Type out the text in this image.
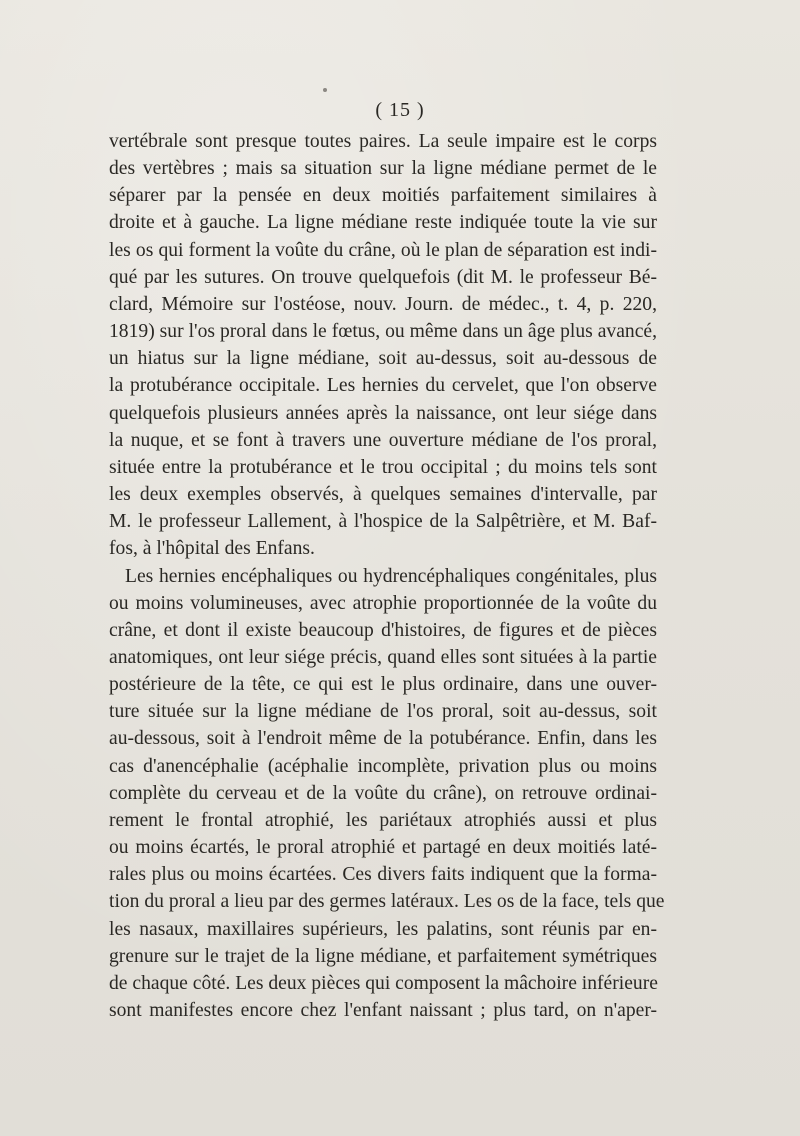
( 15 )
vertébrale sont presque toutes paires. La seule impaire est le corps
des vertèbres ; mais sa situation sur la ligne médiane permet de le
séparer par la pensée en deux moitiés parfaitement similaires à
droite et à gauche. La ligne médiane reste indiquée toute la vie sur
les os qui forment la voûte du crâne, où le plan de séparation est indi-
qué par les sutures. On trouve quelquefois (dit M. le professeur Bé-
clard, Mémoire sur l'ostéose, nouv. Journ. de médec., t. 4, p. 220,
1819) sur l'os proral dans le fœtus, ou même dans un âge plus avancé,
un hiatus sur la ligne médiane, soit au-dessus, soit au-dessous de
la protubérance occipitale. Les hernies du cervelet, que l'on observe
quelquefois plusieurs années après la naissance, ont leur siége dans
la nuque, et se font à travers une ouverture médiane de l'os proral,
située entre la protubérance et le trou occipital ; du moins tels sont
les deux exemples observés, à quelques semaines d'intervalle, par
M. le professeur Lallement, à l'hospice de la Salpêtrière, et M. Baf-
fos, à l'hôpital des Enfans.
Les hernies encéphaliques ou hydrencéphaliques congénitales, plus
ou moins volumineuses, avec atrophie proportionnée de la voûte du
crâne, et dont il existe beaucoup d'histoires, de figures et de pièces
anatomiques, ont leur siége précis, quand elles sont situées à la partie
postérieure de la tête, ce qui est le plus ordinaire, dans une ouver-
ture située sur la ligne médiane de l'os proral, soit au-dessus, soit
au-dessous, soit à l'endroit même de la potubérance. Enfin, dans les
cas d'anencéphalie (acéphalie incomplète, privation plus ou moins
complète du cerveau et de la voûte du crâne), on retrouve ordinai-
rement le frontal atrophié, les pariétaux atrophiés aussi et plus
ou moins écartés, le proral atrophié et partagé en deux moitiés laté-
rales plus ou moins écartées. Ces divers faits indiquent que la forma-
tion du proral a lieu par des germes latéraux. Les os de la face, tels que
les nasaux, maxillaires supérieurs, les palatins, sont réunis par en-
grenure sur le trajet de la ligne médiane, et parfaitement symétriques
de chaque côté. Les deux pièces qui composent la mâchoire inférieure
sont manifestes encore chez l'enfant naissant ; plus tard, on n'aper-
